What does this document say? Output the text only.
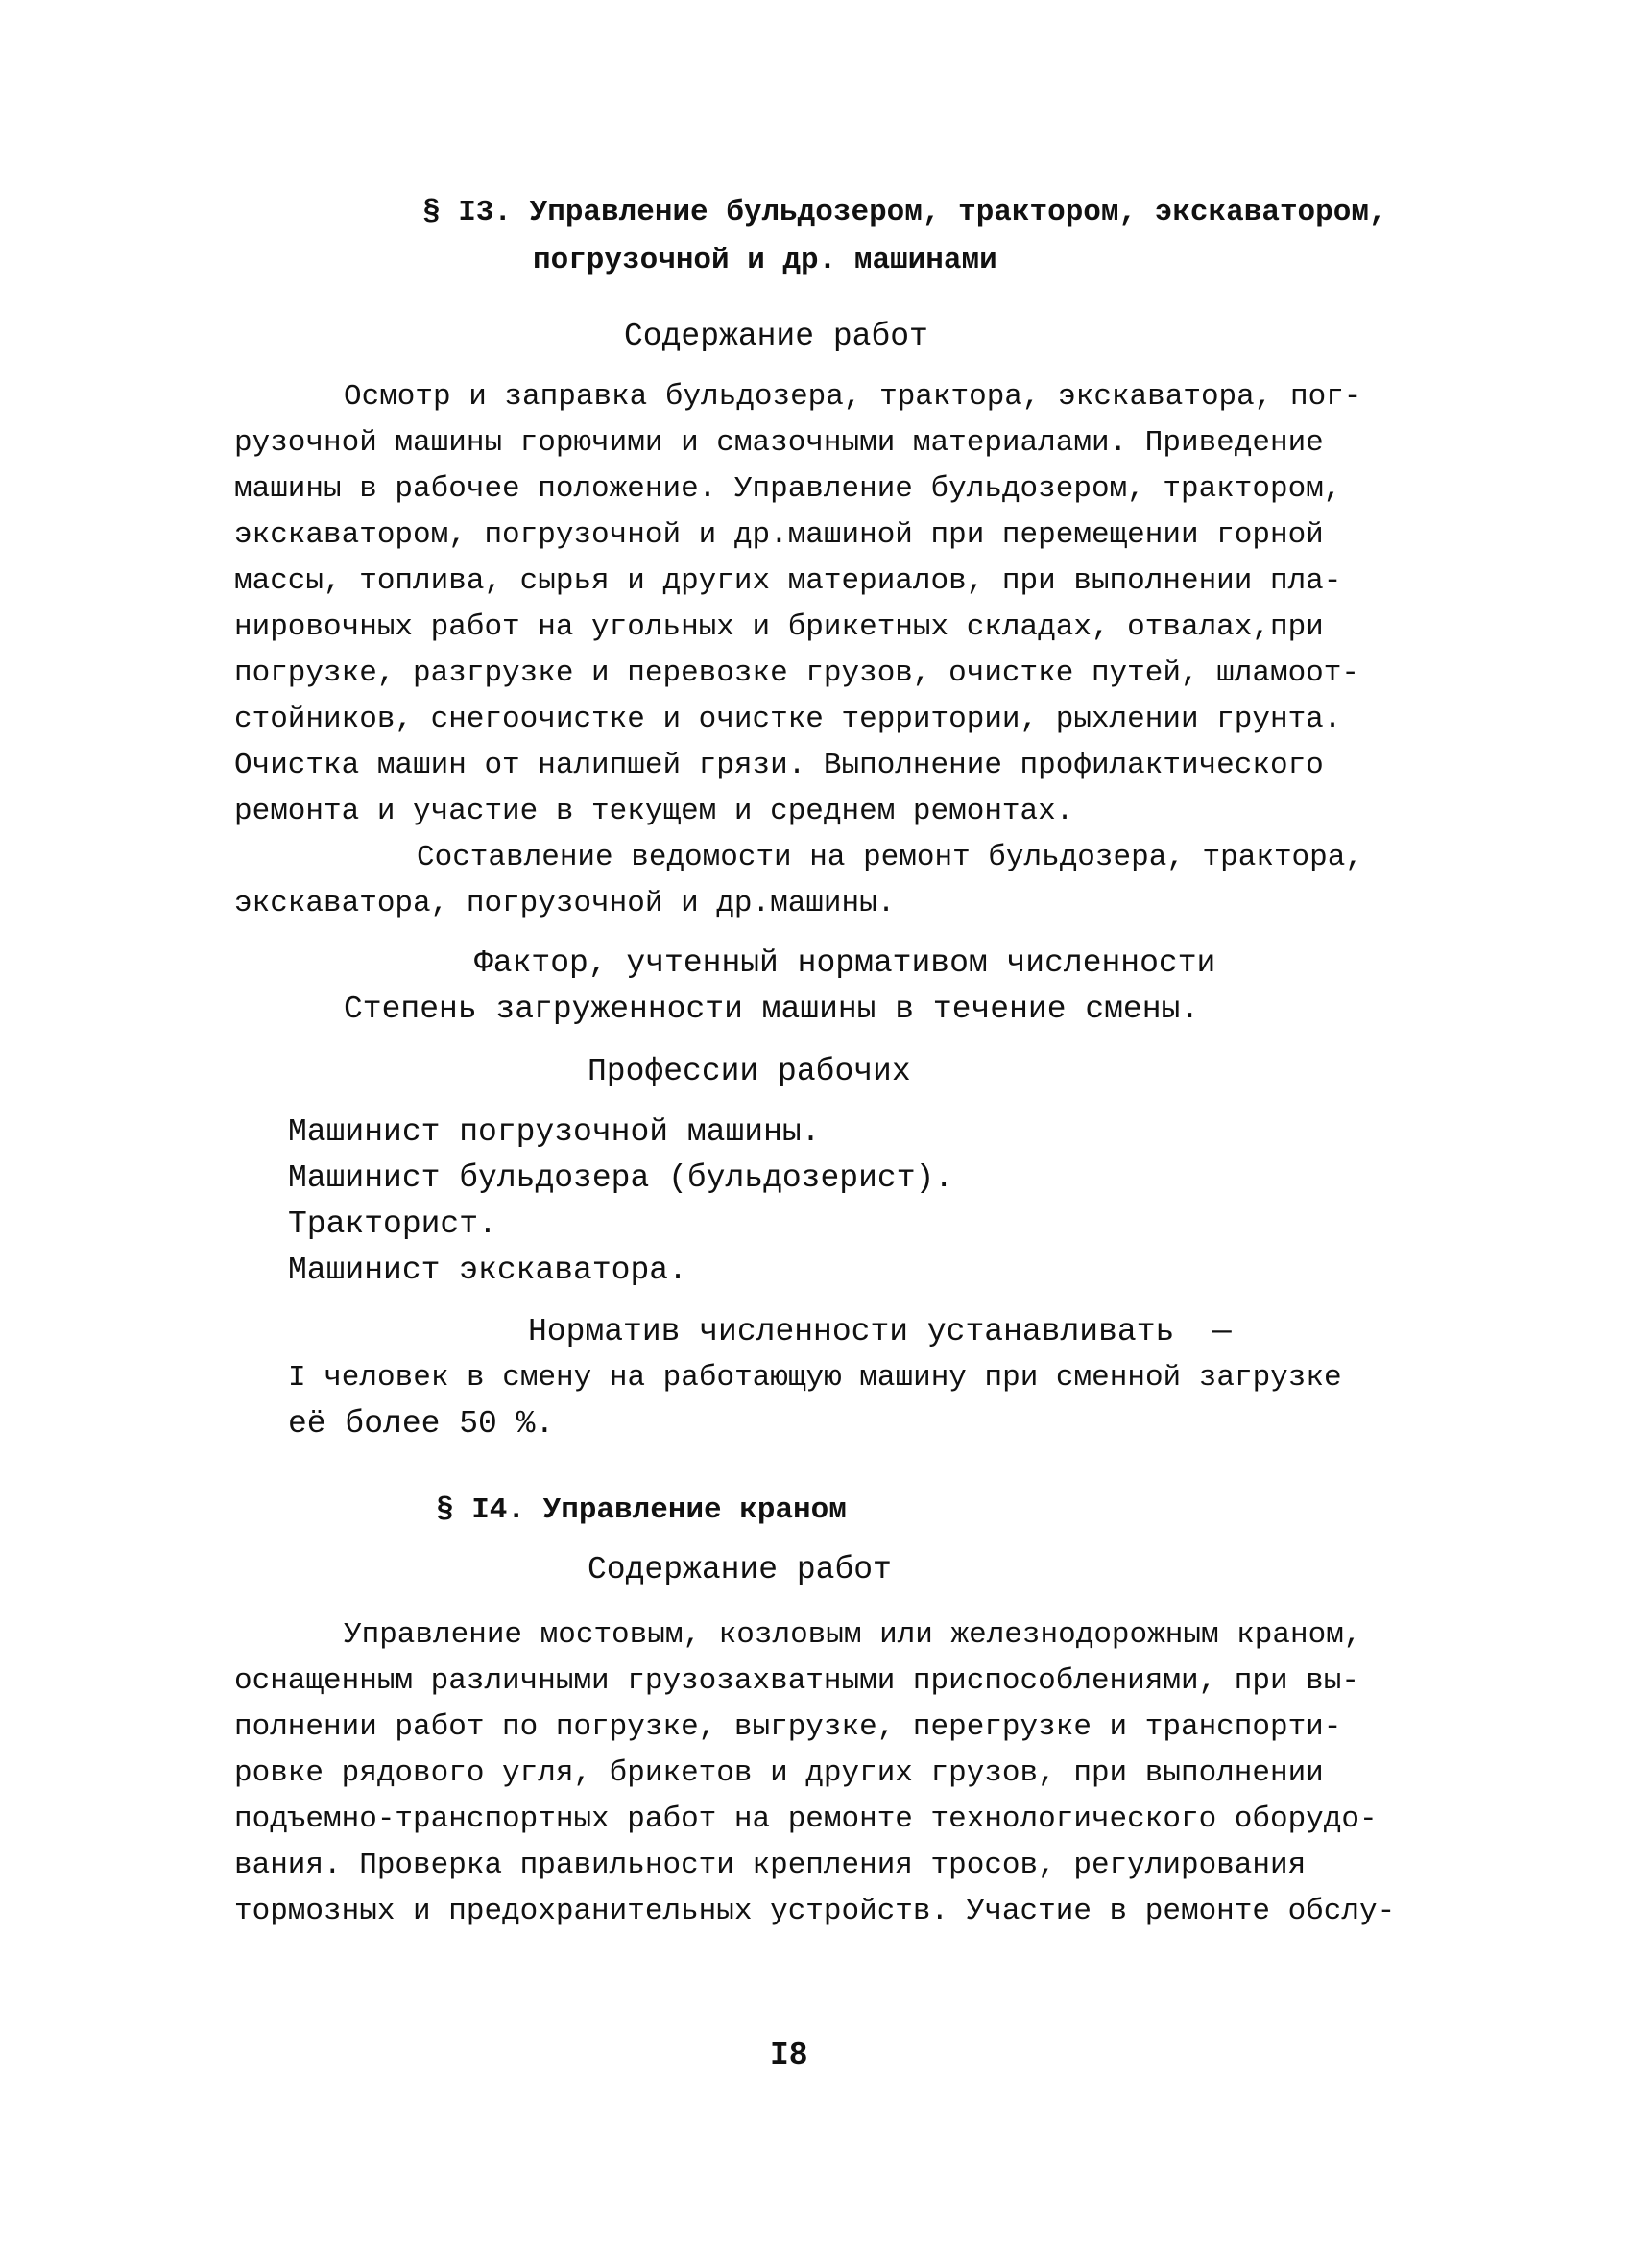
§ I3. Управление бульдозером, трактором, экскаватором,

погрузочной и др. машинами

Содержание работ

Осмотр и заправка бульдозера, трактора, экскаватора, пог-

рузочной машины горючими и смазочными материалами. Приведение

машины в рабочее положение. Управление бульдозером, трактором,

экскаватором, погрузочной и др.машиной при перемещении горной

массы, топлива, сырья и других материалов, при выполнении пла-

нировочных работ на угольных и брикетных складах, отвалах,при

погрузке, разгрузке и перевозке грузов, очистке путей, шламоот-

стойников, снегоочистке и очистке территории, рыхлении грунта.

Очистка машин от налипшей грязи. Выполнение профилактического

ремонта и участие в текущем и среднем ремонтах.

Составление ведомости на ремонт бульдозера, трактора,

экскаватора, погрузочной и др.машины.

Фактор, учтенный нормативом численности

Степень загруженности машины в течение смены.

Профессии рабочих

Машинист погрузочной машины.

Машинист бульдозера (бульдозерист).

Тракторист.

Машинист экскаватора.

Норматив численности устанавливать  —

I человек в смену на работающую машину при сменной загрузке

её более 50 %.

§ I4. Управление краном

Содержание работ

Управление мостовым, козловым или железнодорожным краном,

оснащенным различными грузозахватными приспособлениями, при вы-

полнении работ по погрузке, выгрузке, перегрузке и транспорти-

ровке рядового угля, брикетов и других грузов, при выполнении

подъемно-транспортных работ на ремонте технологического оборудо-

вания. Проверка правильности крепления тросов, регулирования

тормозных и предохранительных устройств. Участие в ремонте обслу-

I8
